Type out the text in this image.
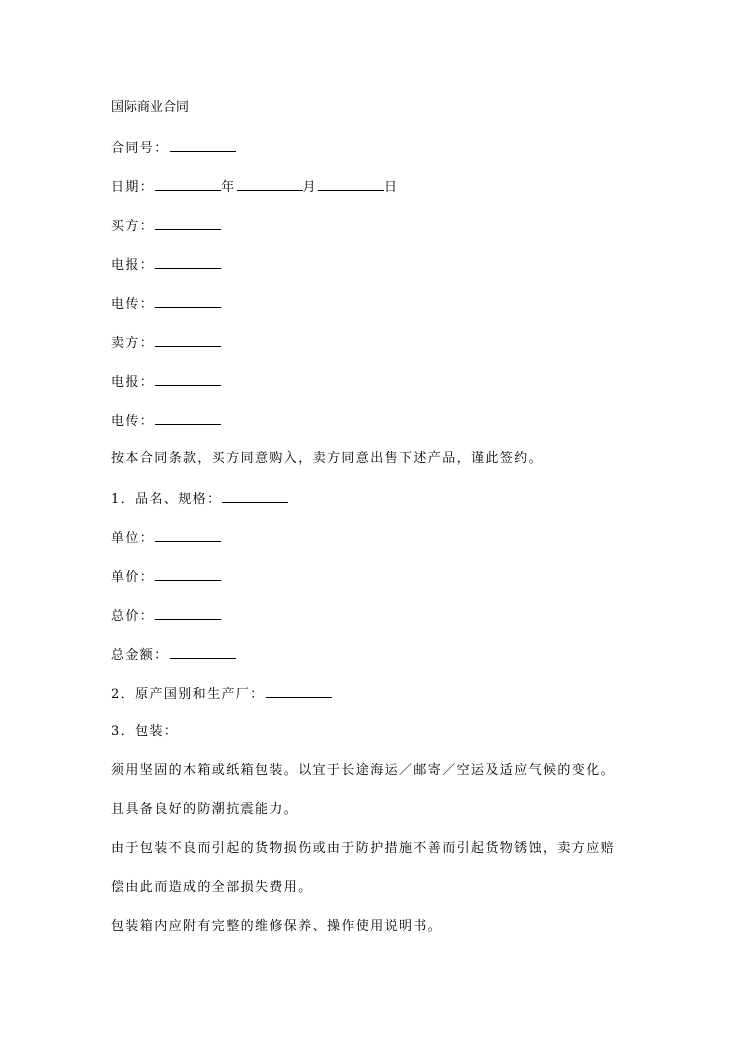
国际商业合同
合同号：
日期：	年	月	日
买方：
电报：
电传：
卖方：
电报：
电传：
按本合同条款，买方同意购入，卖方同意出售下述产品，谨此签约。
1．品名、规格：
单位：
单价：
总价：
总金额：
2．原产国别和生产厂：
3．包装：
须用坚固的木箱或纸箱包装。以宜于长途海运／邮寄／空运及适应气候的变化。
且具备良好的防潮抗震能力。
由于包装不良而引起的货物损伤或由于防护措施不善而引起货物锈蚀，卖方应赔
偿由此而造成的全部损失费用。
包装箱内应附有完整的维修保养、操作使用说明书。
